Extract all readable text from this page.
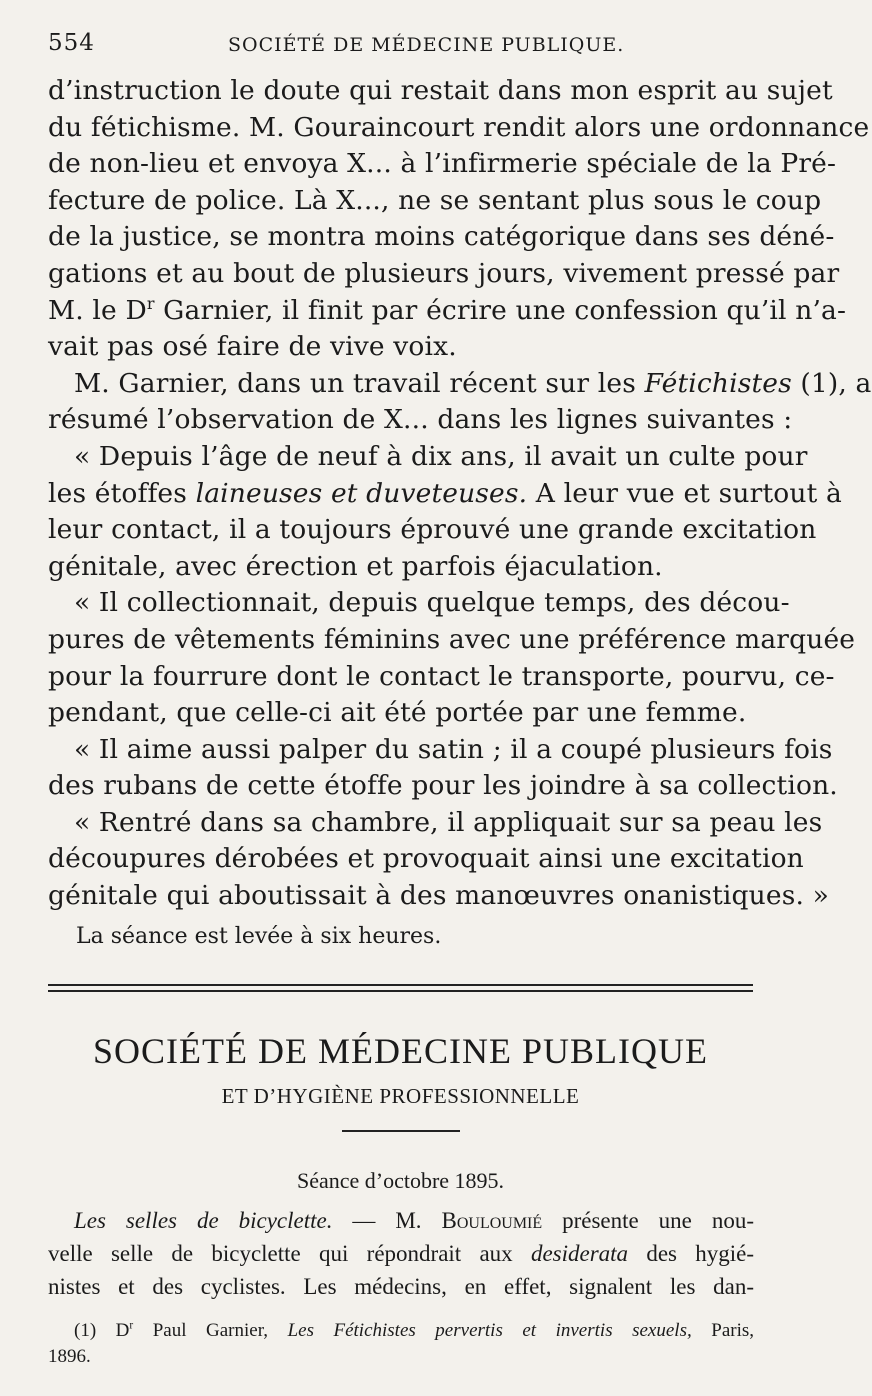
554	SOCIÉTÉ DE MÉDECINE PUBLIQUE.
d’instruction le doute qui restait dans mon esprit au sujet
du fétichisme. M. Gouraincourt rendit alors une ordonnance
de non-lieu et envoya X... à l’infirmerie spéciale de la Pré-
fecture de police. Là X..., ne se sentant plus sous le coup
de la justice, se montra moins catégorique dans ses déné-
gations et au bout de plusieurs jours, vivement pressé par
M. le $D^r$ Garnier, il finit par écrire une confession qu’il n’a-
vait pas osé faire de vive voix.
M. Garnier, dans un travail récent sur les Fétichistes (1), a
résumé l’observation de X... dans les lignes suivantes :
« Depuis l’âge de neuf à dix ans, il avait un culte pour
les étoffes laineuses et duveteuses. A leur vue et surtout à
leur contact, il a toujours éprouvé une grande excitation
génitale, avec érection et parfois éjaculation.
« Il collectionnait, depuis quelque temps, des décou-
pures de vêtements féminins avec une préférence marquée
pour la fourrure dont le contact le transporte, pourvu, ce-
pendant, que celle-ci ait été portée par une femme.
« Il aime aussi palper du satin ; il a coupé plusieurs fois
des rubans de cette étoffe pour les joindre à sa collection.
« Rentré dans sa chambre, il appliquait sur sa peau les
découpures dérobées et provoquait ainsi une excitation
génitale qui aboutissait à des manœuvres onanistiques. »
La séance est levée à six heures.
SOCIÉTÉ DE MÉDECINE PUBLIQUE
ET D’HYGIÈNE PROFESSIONNELLE
Séance d’octobre 1895.
Les selles de bicyclette. — M. Bouloumié présente une nou-
velle selle de bicyclette qui répondrait aux desiderata des hygié-
nistes et des cyclistes. Les médecins, en effet, signalent les dan-
(1) $D^r$ Paul Garnier, Les Fétichistes pervertis et invertis sexuels, Paris,
1896.
